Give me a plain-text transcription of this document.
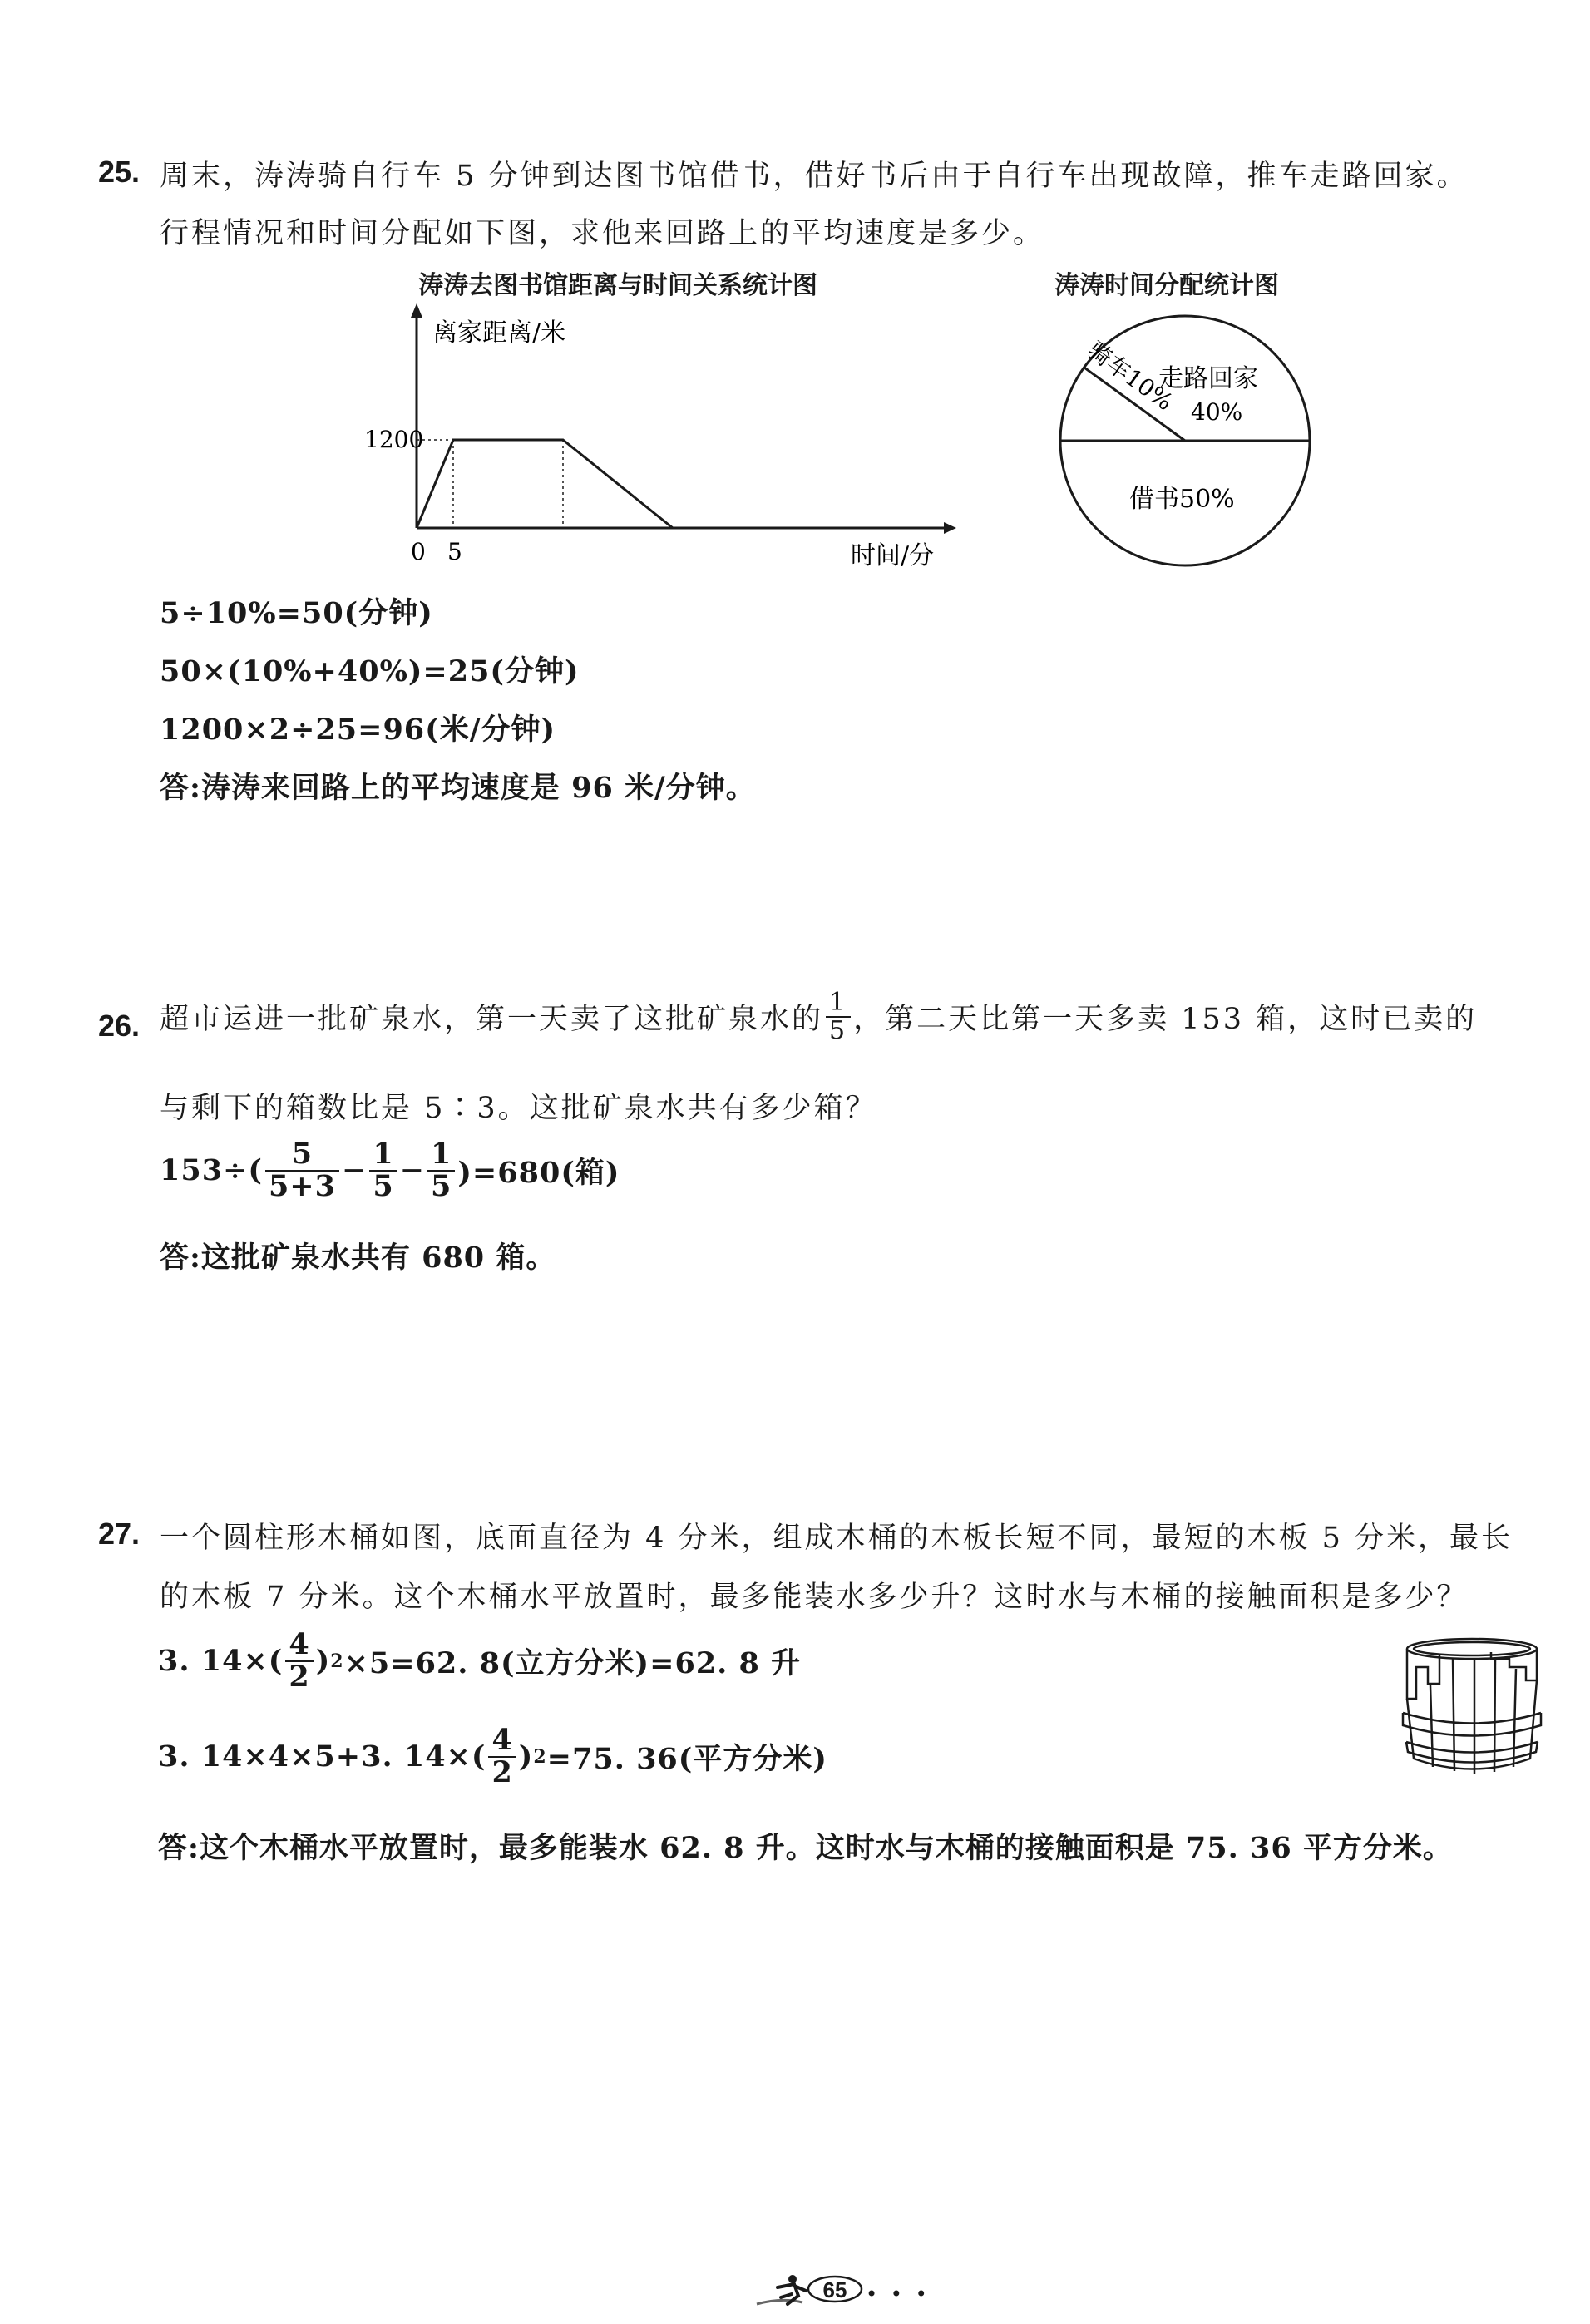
25. 周末，涛涛骑自行车 5 分钟到达图书馆借书，借好书后由于自行车出现故障，推车走路回家。
行程情况和时间分配如下图，求他来回路上的平均速度是多少。
涛涛去图书馆距离与时间关系统计图
离家距离/米
1200
0 5	时间/分
涛涛时间分配统计图
骑车10%
走路回家
40%
借书50%
5÷10%=50(分钟)
50×(10%+40%)=25(分钟)
1200×2÷25=96(米/分钟)
答:涛涛来回路上的平均速度是 96 米/分钟。
26. 超市运进一批矿泉水，第一天卖了这批矿泉水的 $\frac{1}{5}$ ，第二天比第一天多卖 153 箱，这时已卖的
与剩下的箱数比是 5∶3。这批矿泉水共有多少箱？
$153\div( \frac{5}{5+3} - \frac{1}{5} - \frac{1}{5} )=680$(箱)
答:这批矿泉水共有 680 箱。
27. 一个圆柱形木桶如图，底面直径为 4 分米，组成木桶的木板长短不同，最短的木板 5 分米，最长
的木板 7 分米。这个木桶水平放置时，最多能装水多少升？这时水与木桶的接触面积是多少？
3. $14\times( \frac{4}{2}$ ) 2 ×5=62. 8(立方分米)=62. 8 升
3. 14×4×5+3. $14\times( \frac{4}{2}$ ) 2 =75. 36(平方分米)
答:这个木桶水平放置时，最多能装水 62. 8 升。这时水与木桶的接触面积是 75. 36 平方分米。
65 • • •
